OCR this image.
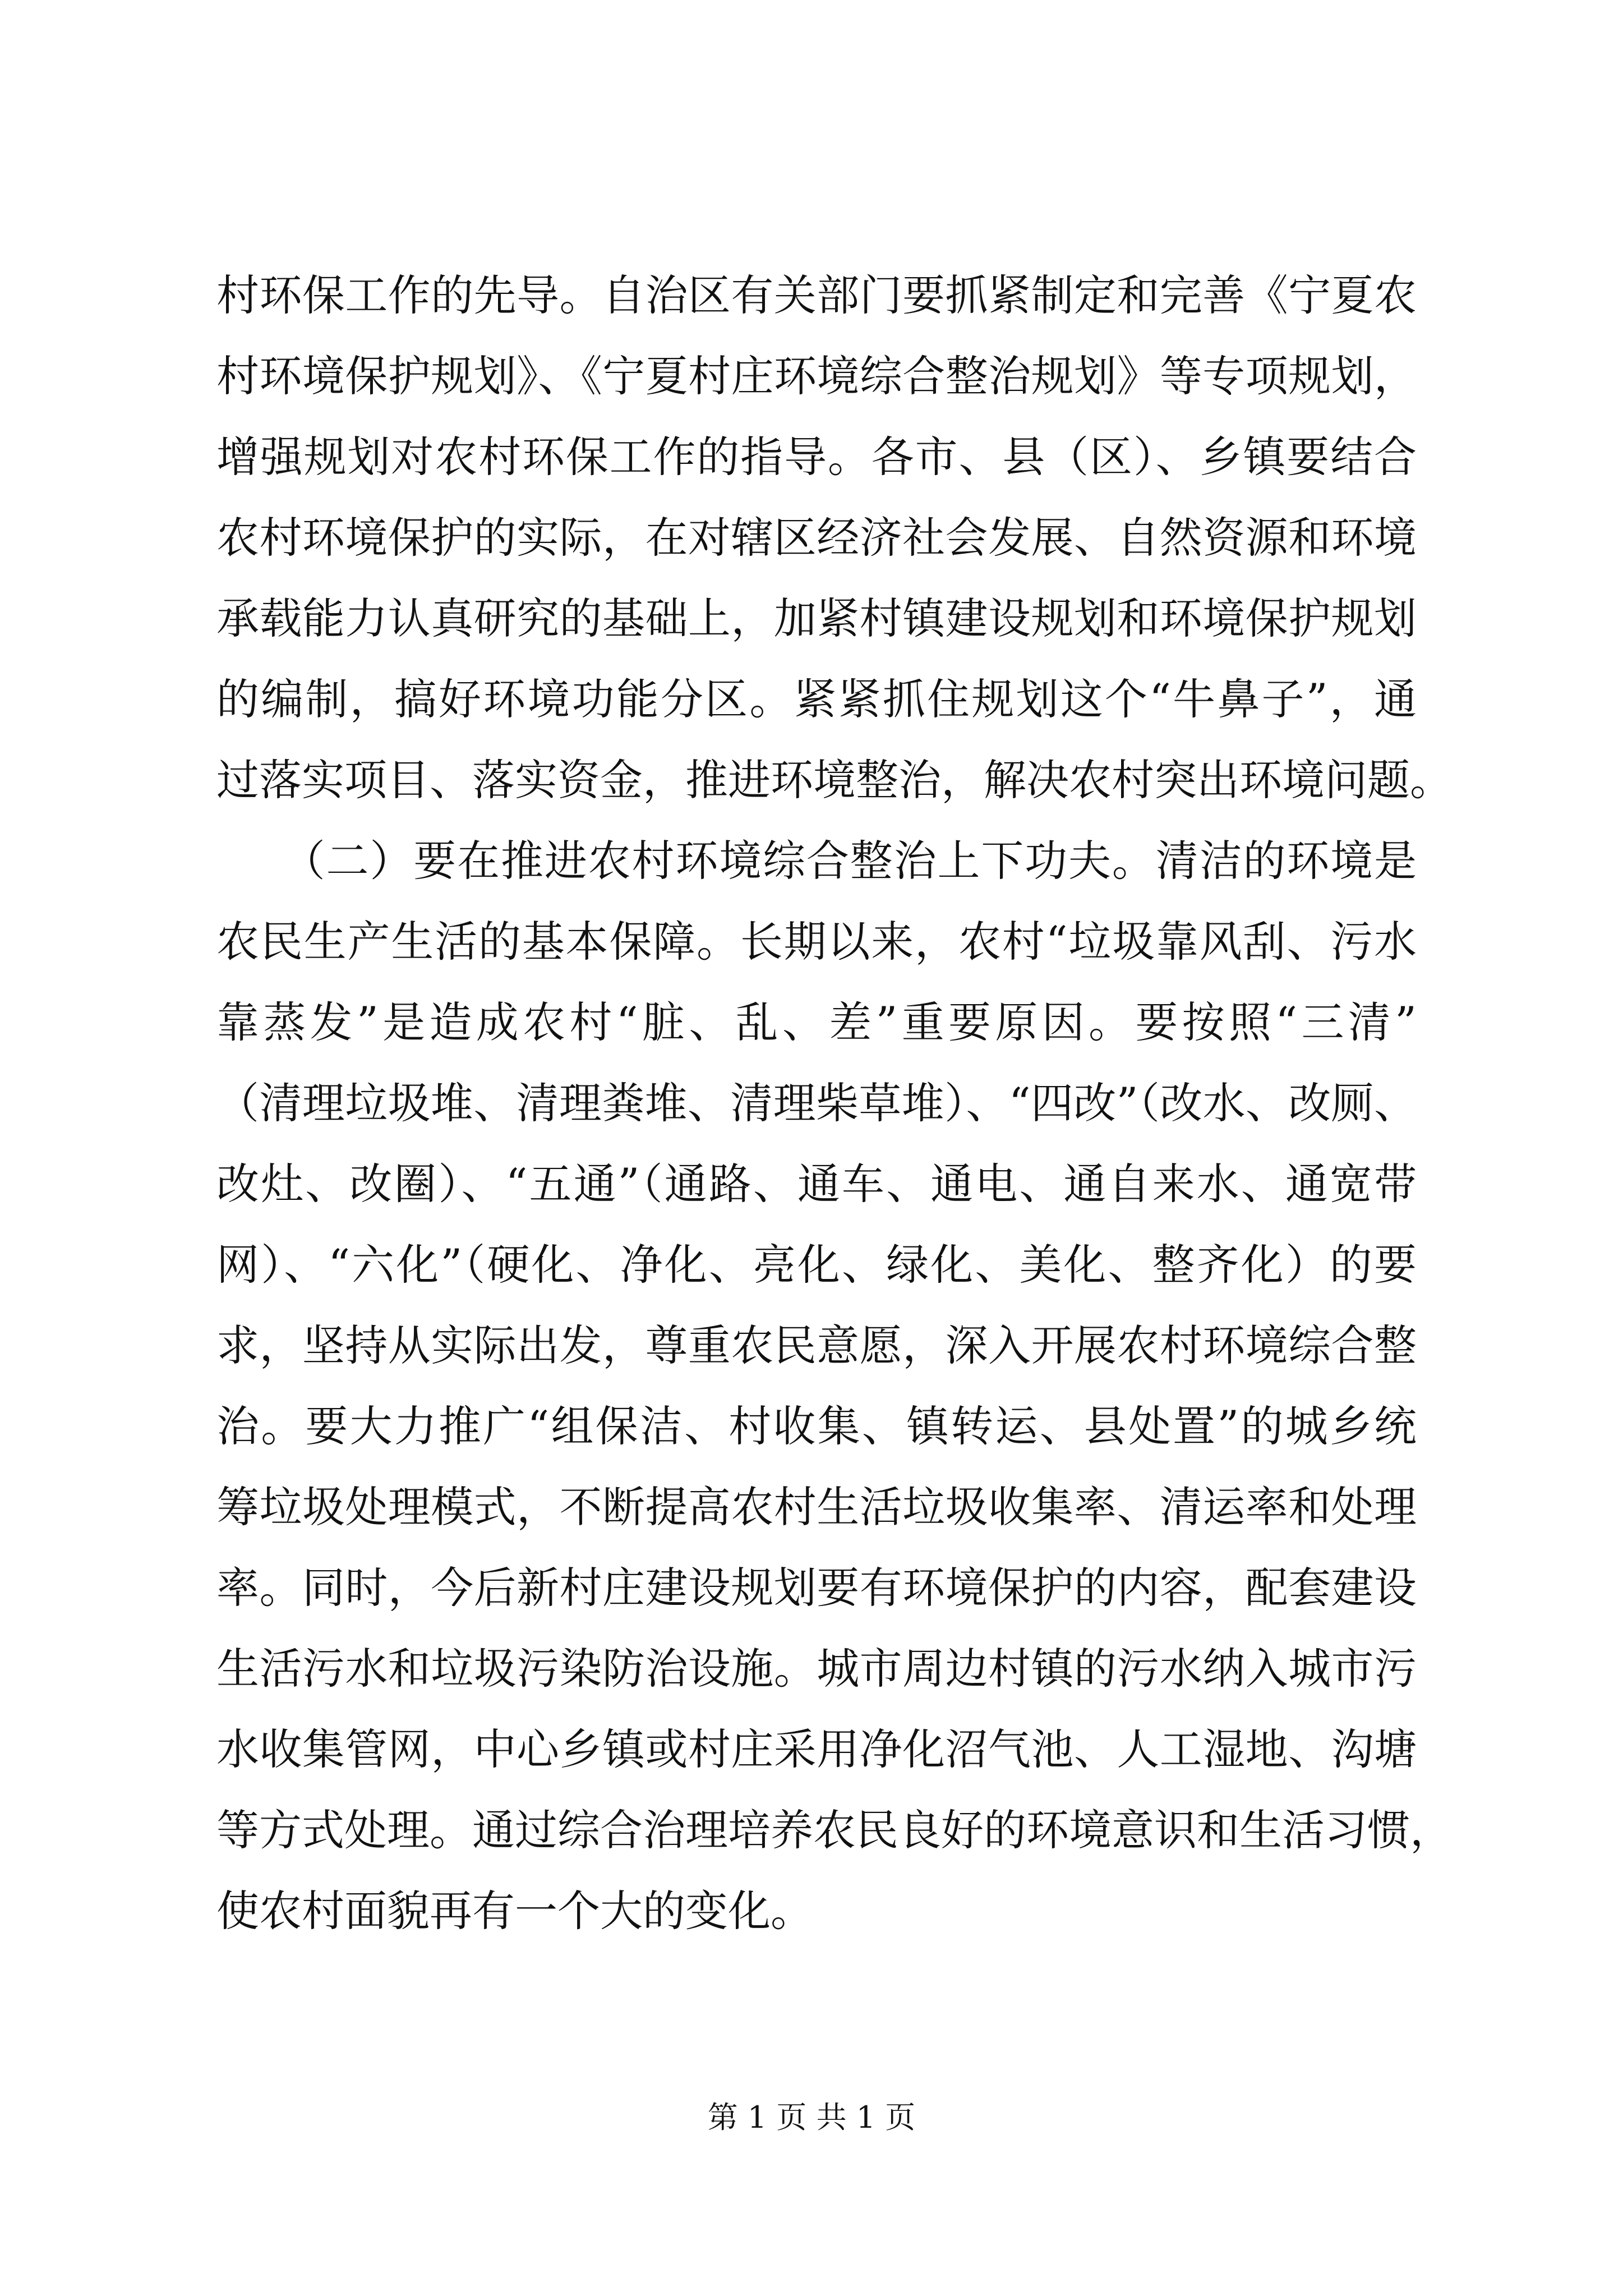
村环保工作的先导。自治区有关部门要抓紧制定和完善《宁夏农
村环境保护规划》、《宁夏村庄环境综合整治规划》等专项规划，
增强规划对农村环保工作的指导。各市、县（区）、乡镇要结合
农村环境保护的实际，在对辖区经济社会发展、自然资源和环境
承载能力认真研究的基础上，加紧村镇建设规划和环境保护规划
的编制，搞好环境功能分区。紧紧抓住规划这个“牛鼻子”，通
过落实项目、落实资金，推进环境整治，解决农村突出环境问题。
　　（二）要在推进农村环境综合整治上下功夫。清洁的环境是
农民生产生活的基本保障。长期以来，农村“垃圾靠风刮、污水
靠蒸发”是造成农村“脏、乱、差”重要原因。要按照“三清”
（清理垃圾堆、清理粪堆、清理柴草堆）、“四改”（改水、改厕、
改灶、改圈）、“五通”（通路、通车、通电、通自来水、通宽带
网）、“六化”（硬化、净化、亮化、绿化、美化、整齐化）的要
求，坚持从实际出发，尊重农民意愿，深入开展农村环境综合整
治。要大力推广“组保洁、村收集、镇转运、县处置”的城乡统
筹垃圾处理模式，不断提高农村生活垃圾收集率、清运率和处理
率。同时，今后新村庄建设规划要有环境保护的内容，配套建设
生活污水和垃圾污染防治设施。城市周边村镇的污水纳入城市污
水收集管网，中心乡镇或村庄采用净化沼气池、人工湿地、沟塘
等方式处理。通过综合治理培养农民良好的环境意识和生活习惯，
使农村面貌再有一个大的变化。
第 1 页 共 1 页
